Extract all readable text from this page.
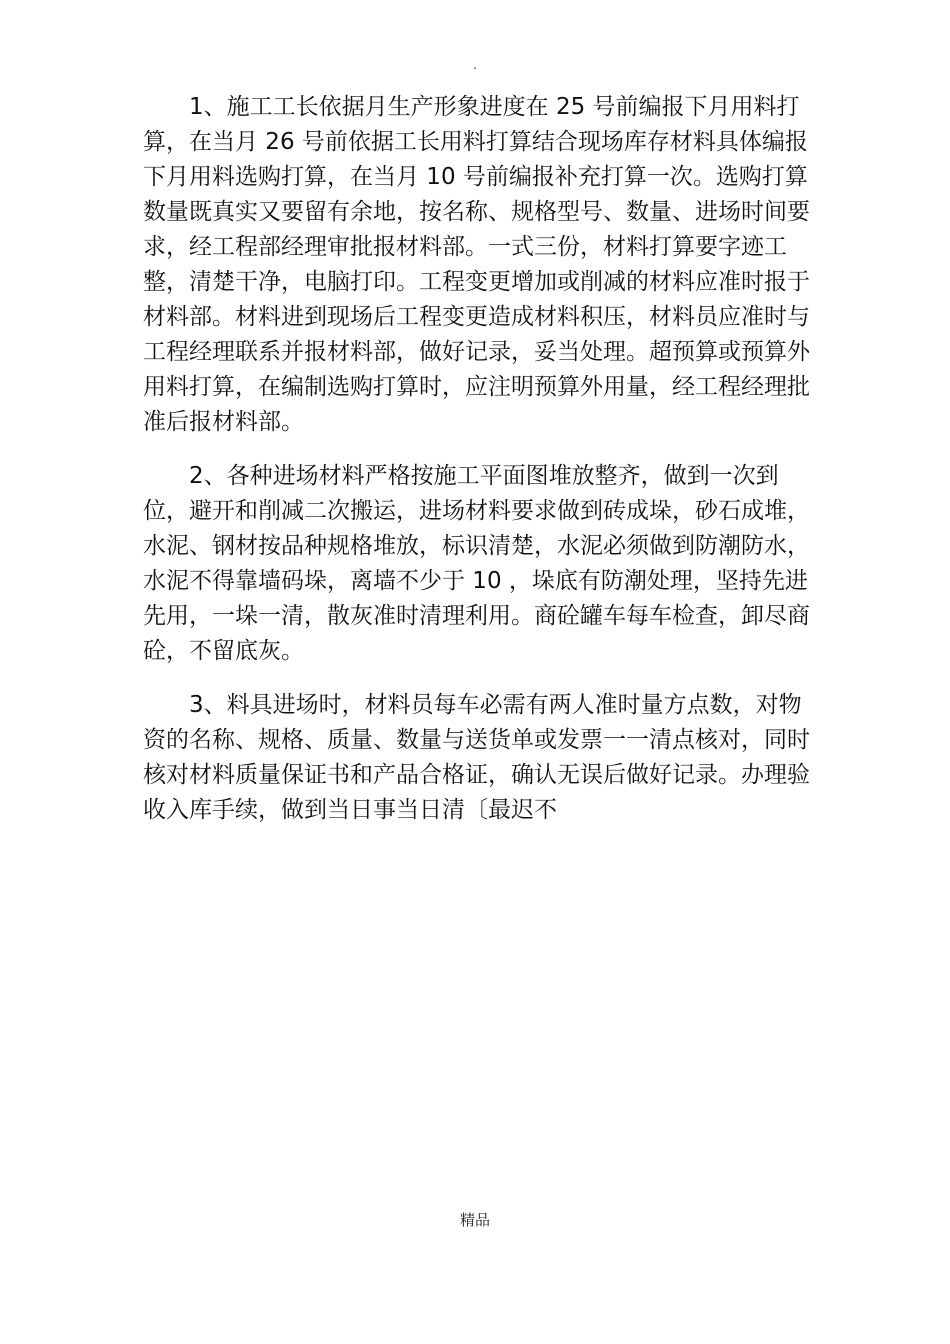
.

1、施工工长依据月生产形象进度在 25 号前编报下月用料打算，在当月 26 号前依据工长用料打算结合现场库存材料具体编报下月用料选购打算，在当月 10 号前编报补充打算一次。选购打算数量既真实又要留有余地，按名称、规格型号、数量、进场时间要求，经工程部经理审批报材料部。一式三份，材料打算要字迹工整，清楚干净，电脑打印。工程变更增加或削减的材料应准时报于材料部。材料进到现场后工程变更造成材料积压，材料员应准时与工程经理联系并报材料部，做好记录，妥当处理。超预算或预算外用料打算，在编制选购打算时，应注明预算外用量，经工程经理批准后报材料部。

2、各种进场材料严格按施工平面图堆放整齐，做到一次到位，避开和削减二次搬运，进场材料要求做到砖成垛，砂石成堆，水泥、钢材按品种规格堆放，标识清楚，水泥必须做到防潮防水，水泥不得靠墙码垛，离墙不少于 10 ，垛底有防潮处理，坚持先进先用，一垛一清，散灰准时清理利用。商砼罐车每车检查，卸尽商砼，不留底灰。

3、料具进场时，材料员每车必需有两人准时量方点数，对物资的名称、规格、质量、数量与送货单或发票一一清点核对，同时核对材料质量保证书和产品合格证，确认无误后做好记录。办理验收入库手续，做到当日事当日清〔最迟不

精品
